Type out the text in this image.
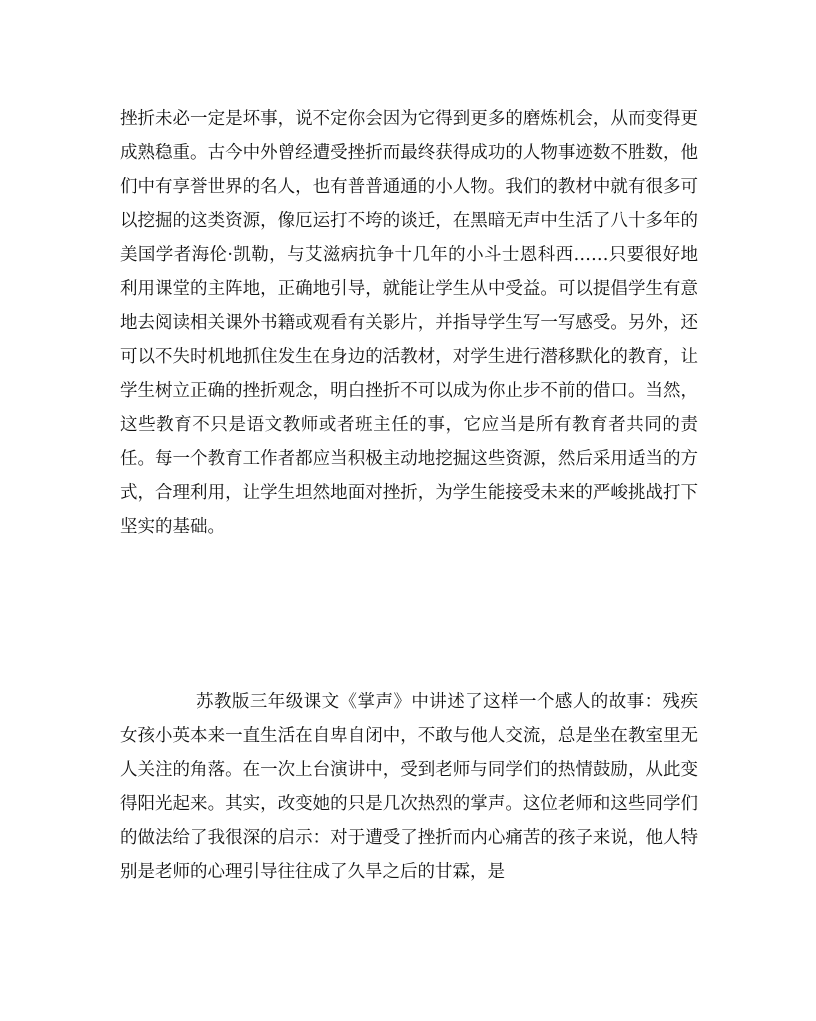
挫折未必一定是坏事，说不定你会因为它得到更多的磨炼机会，从而变得更成熟稳重。古今中外曾经遭受挫折而最终获得成功的人物事迹数不胜数，他们中有享誉世界的名人，也有普普通通的小人物。我们的教材中就有很多可以挖掘的这类资源，像厄运打不垮的谈迁，在黑暗无声中生活了八十多年的美国学者海伦·凯勒，与艾滋病抗争十几年的小斗士恩科西……只要很好地利用课堂的主阵地，正确地引导，就能让学生从中受益。可以提倡学生有意地去阅读相关课外书籍或观看有关影片，并指导学生写一写感受。另外，还可以不失时机地抓住发生在身边的活教材，对学生进行潜移默化的教育，让学生树立正确的挫折观念，明白挫折不可以成为你止步不前的借口。当然，这些教育不只是语文教师或者班主任的事，它应当是所有教育者共同的责任。每一个教育工作者都应当积极主动地挖掘这些资源，然后采用适当的方式，合理利用，让学生坦然地面对挫折，为学生能接受未来的严峻挑战打下坚实的基础。

苏教版三年级课文《掌声》中讲述了这样一个感人的故事：残疾女孩小英本来一直生活在自卑自闭中，不敢与他人交流，总是坐在教室里无人关注的角落。在一次上台演讲中，受到老师与同学们的热情鼓励，从此变得阳光起来。其实，改变她的只是几次热烈的掌声。这位老师和这些同学们的做法给了我很深的启示：对于遭受了挫折而内心痛苦的孩子来说，他人特别是老师的心理引导往往成了久旱之后的甘霖，是
